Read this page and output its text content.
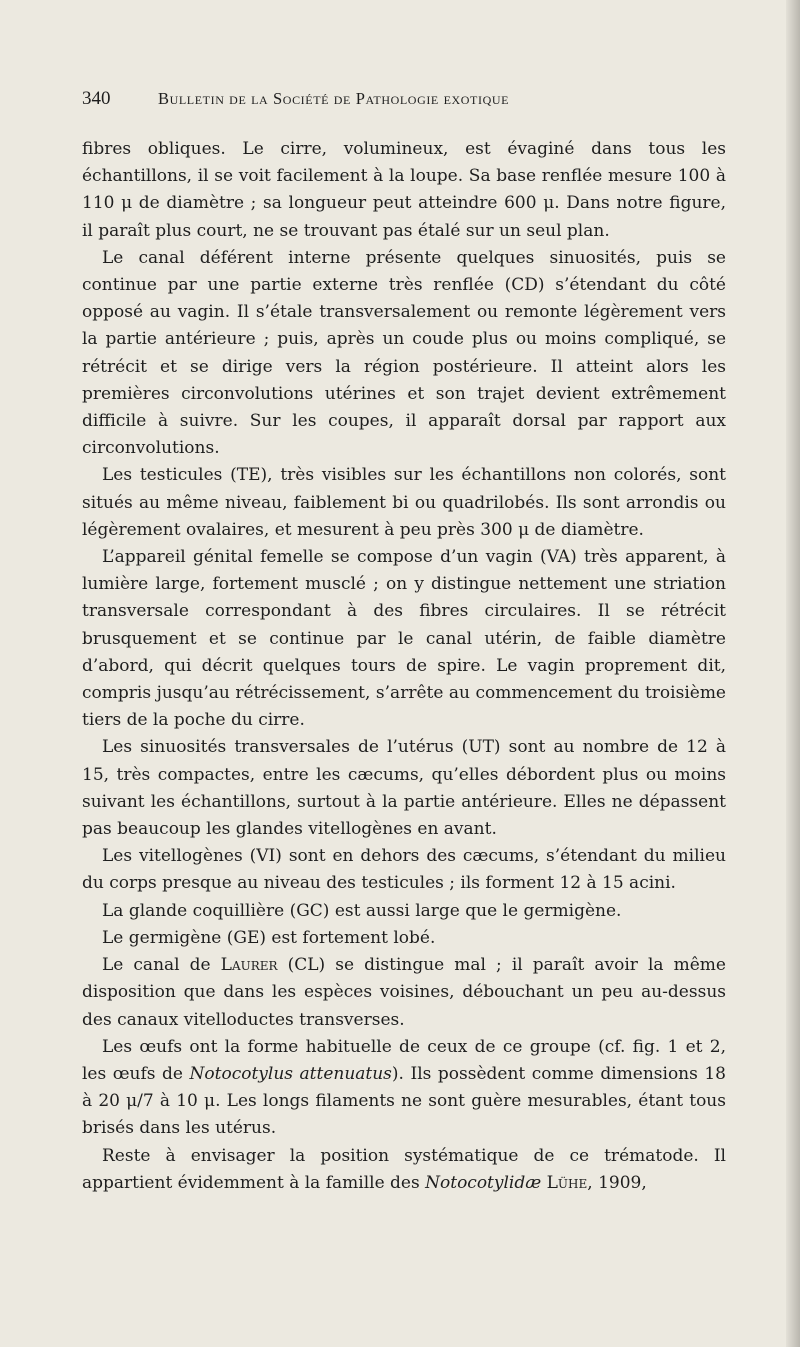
340	Bulletin de la Société de Pathologie exotique

fibres obliques. Le cirre, volumineux, est évaginé dans tous les échantillons, il se voit facilement à la loupe. Sa base renflée mesure 100 à 110 μ de diamètre ; sa longueur peut atteindre 600 μ. Dans notre figure, il paraît plus court, ne se trouvant pas étalé sur un seul plan.

Le canal déférent interne présente quelques sinuosités, puis se continue par une partie externe très renflée (CD) s’étendant du côté opposé au vagin. Il s’étale transversalement ou remonte légèrement vers la partie antérieure ; puis, après un coude plus ou moins compliqué, se rétrécit et se dirige vers la région postérieure. Il atteint alors les premières circonvolutions utérines et son trajet devient extrêmement difficile à suivre. Sur les coupes, il apparaît dorsal par rapport aux circonvolutions.

Les testicules (TE), très visibles sur les échantillons non colorés, sont situés au même niveau, faiblement bi ou quadrilobés. Ils sont arrondis ou légèrement ovalaires, et mesurent à peu près 300 μ de diamètre.

L’appareil génital femelle se compose d’un vagin (VA) très apparent, à lumière large, fortement musclé ; on y distingue nettement une striation transversale correspondant à des fibres circulaires. Il se rétrécit brusquement et se continue par le canal utérin, de faible diamètre d’abord, qui décrit quelques tours de spire. Le vagin proprement dit, compris jusqu’au rétrécissement, s’arrête au commencement du troisième tiers de la poche du cirre.

Les sinuosités transversales de l’utérus (UT) sont au nombre de 12 à 15, très compactes, entre les cæcums, qu’elles débordent plus ou moins suivant les échantillons, surtout à la partie antérieure. Elles ne dépassent pas beaucoup les glandes vitellogènes en avant.

Les vitellogènes (VI) sont en dehors des cæcums, s’étendant du milieu du corps presque au niveau des testicules ; ils forment 12 à 15 acini.

La glande coquillière (GC) est aussi large que le germigène.

Le germigène (GE) est fortement lobé.

Le canal de Laurer (CL) se distingue mal ; il paraît avoir la même disposition que dans les espèces voisines, débouchant un peu au-dessus des canaux vitelloductes transverses.

Les œufs ont la forme habituelle de ceux de ce groupe (cf. fig. 1 et 2, les œufs de Notocotylus attenuatus). Ils possèdent comme dimensions 18 à 20 μ/7 à 10 μ. Les longs filaments ne sont guère mesurables, étant tous brisés dans les utérus.

Reste à envisager la position systématique de ce trématode. Il appartient évidemment à la famille des Notocotylidæ Lühe, 1909,
